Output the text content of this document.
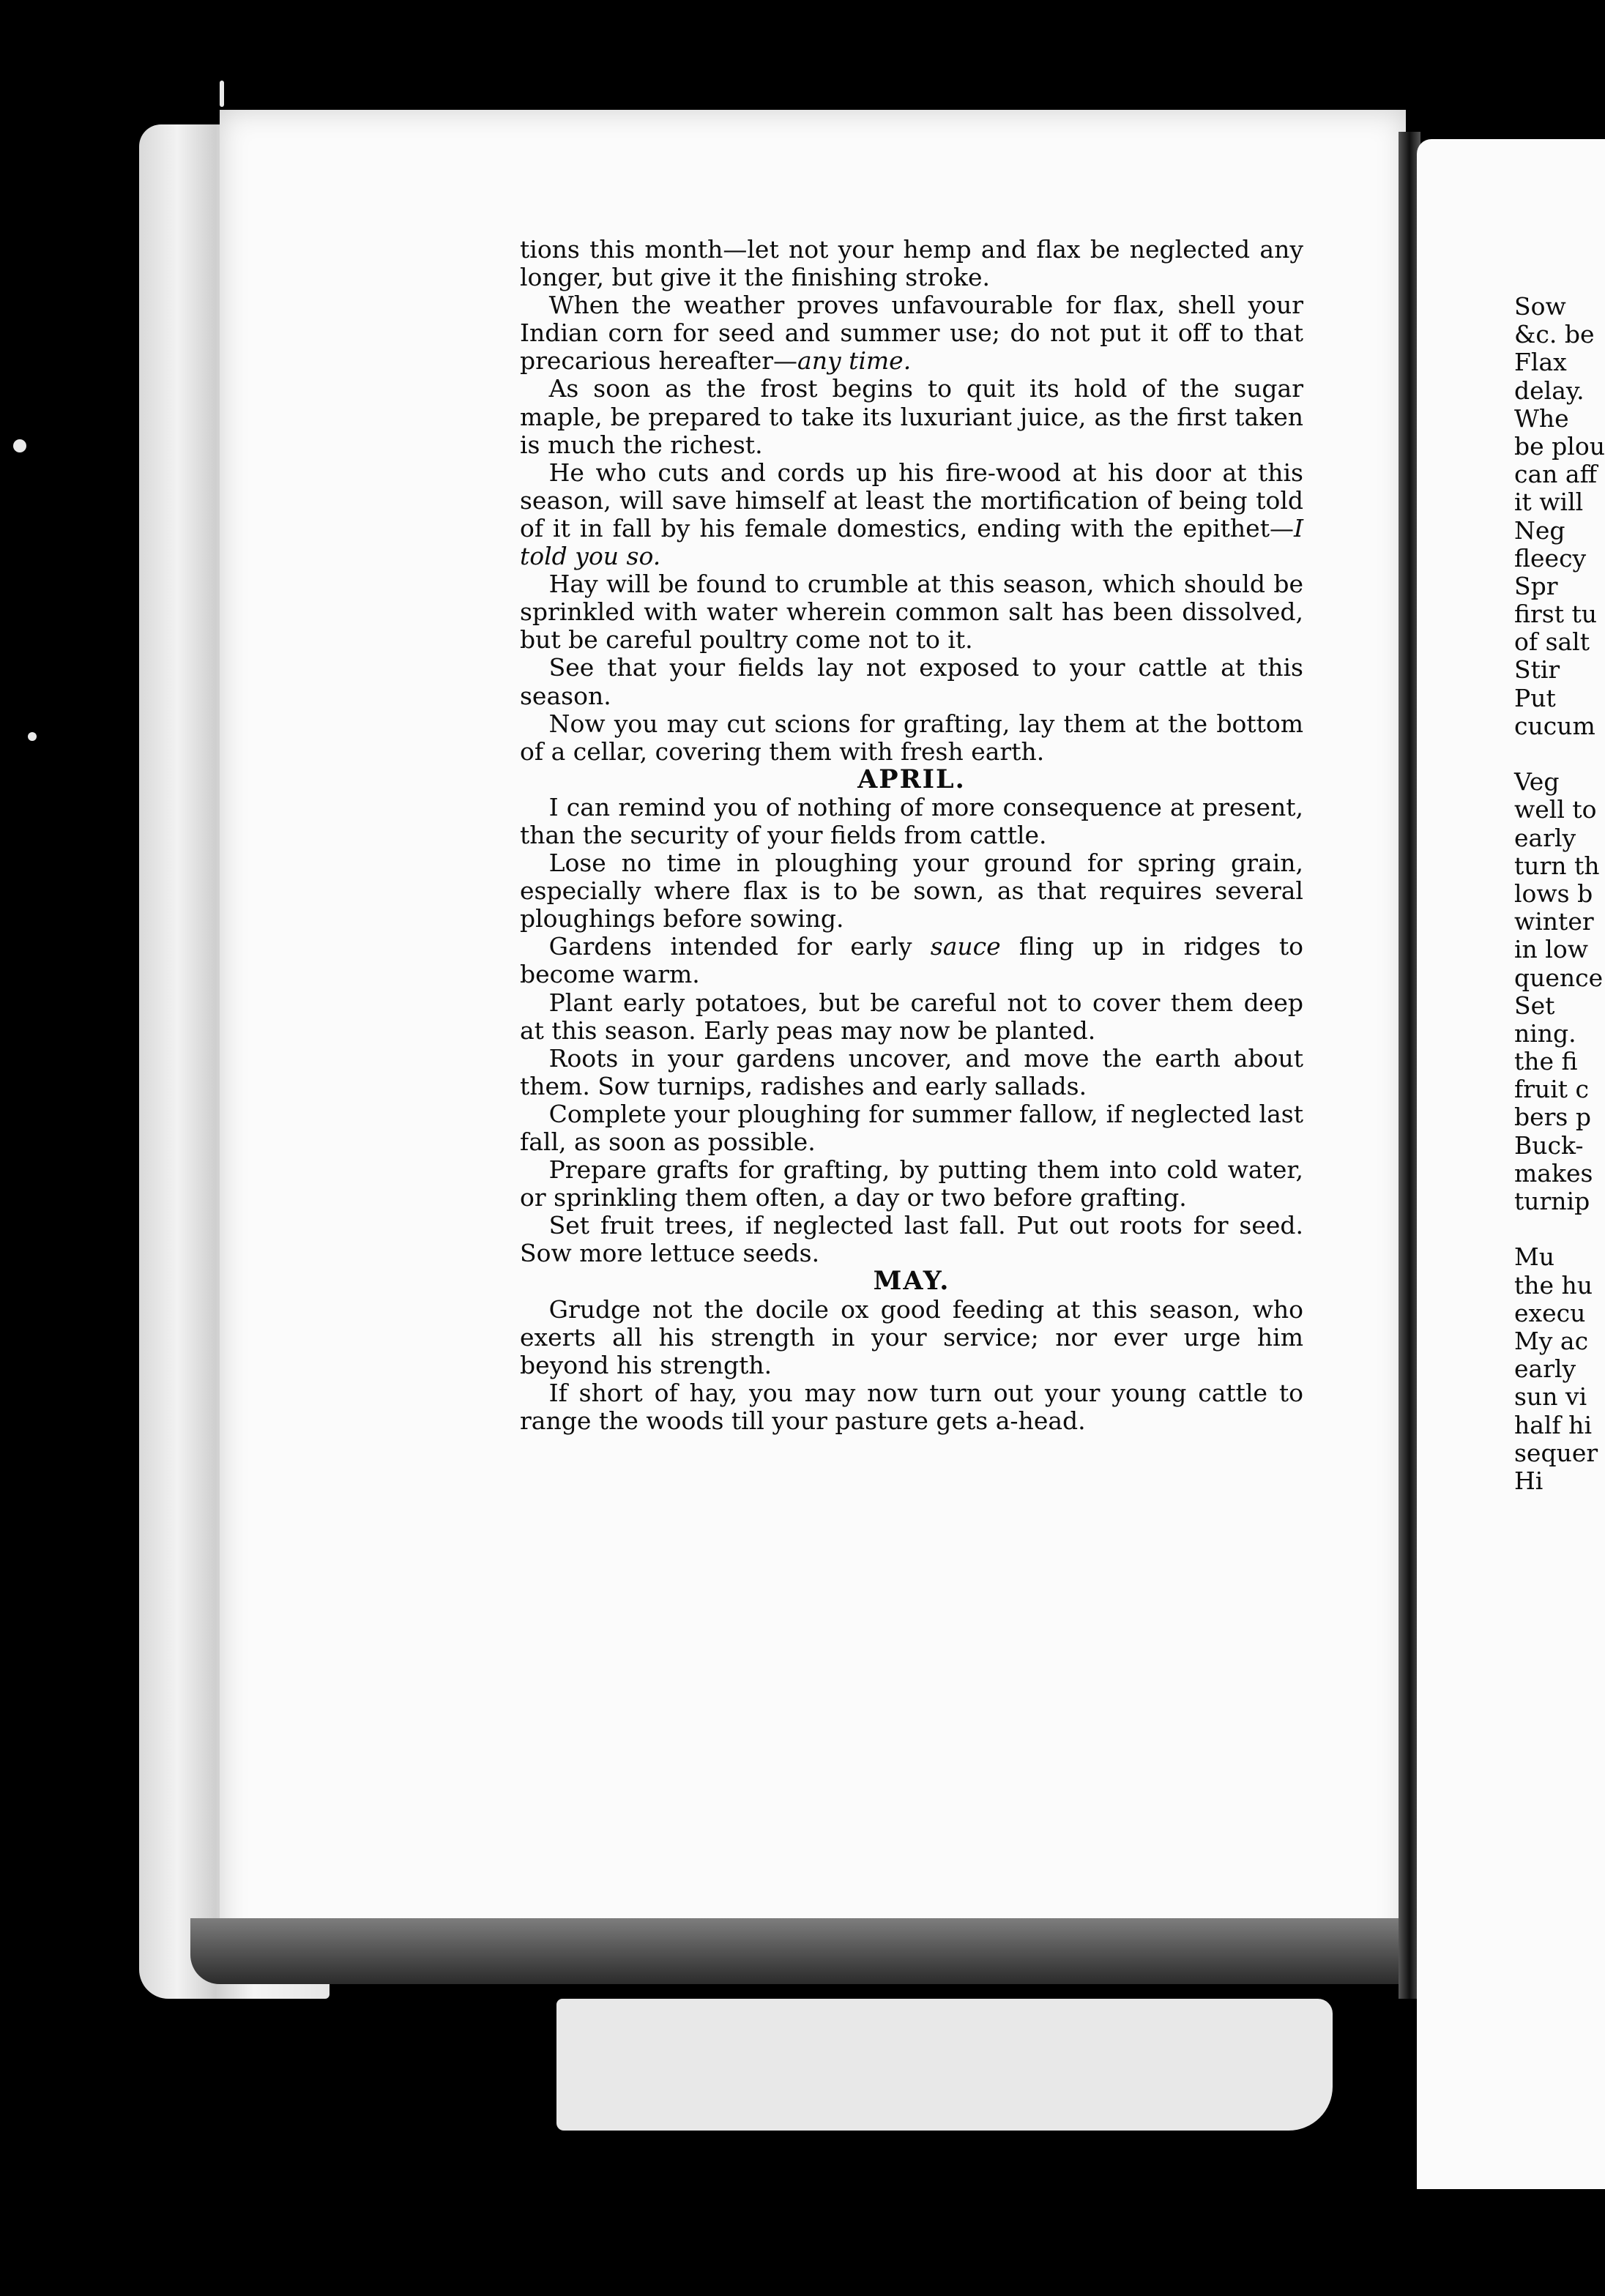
tions this month—let not your hemp and flax be neglected any longer, but give it the finishing stroke.

When the weather proves unfavourable for flax, shell your Indian corn for seed and summer use; do not put it off to that precarious hereafter—any time.

As soon as the frost begins to quit its hold of the sugar maple, be prepared to take its luxuriant juice, as the first taken is much the richest.

He who cuts and cords up his fire-wood at his door at this season, will save himself at least the mortification of being told of it in fall by his female domestics, ending with the epithet—I told you so.

Hay will be found to crumble at this season, which should be sprinkled with water wherein common salt has been dissolved, but be careful poultry come not to it.

See that your fields lay not exposed to your cattle at this season.

Now you may cut scions for grafting, lay them at the bottom of a cellar, covering them with fresh earth.

APRIL.

I can remind you of nothing of more consequence at present, than the security of your fields from cattle.

Lose no time in ploughing your ground for spring grain, especially where flax is to be sown, as that requires several ploughings before sowing.

Gardens intended for early sauce fling up in ridges to become warm.

Plant early potatoes, but be careful not to cover them deep at this season. Early peas may now be planted.

Roots in your gardens uncover, and move the earth about them. Sow turnips, radishes and early sallads.

Complete your ploughing for summer fallow, if neglected last fall, as soon as possible.

Prepare grafts for grafting, by putting them into cold water, or sprinkling them often, a day or two before grafting.

Set fruit trees, if neglected last fall. Put out roots for seed. Sow more lettuce seeds.

MAY.

Grudge not the docile ox good feeding at this season, who exerts all his strength in your service; nor ever urge him beyond his strength.

If short of hay, you may now turn out your young cattle to range the woods till your pasture gets a-head.

Sow
&c. be
Flax
delay.
Whe
be plou
can aff
it will
Neg
fleecy
Spr
first tu
of salt
Stir
Put
cucum
Veg
well to
early
turn th
lows b
winter
in low
quence
Set
ning.
the fi
fruit c
bers p
Buck-
makes
turnip
Mu
the hu
execu
My ac
early
sun vi
half hi
sequer
Hi
